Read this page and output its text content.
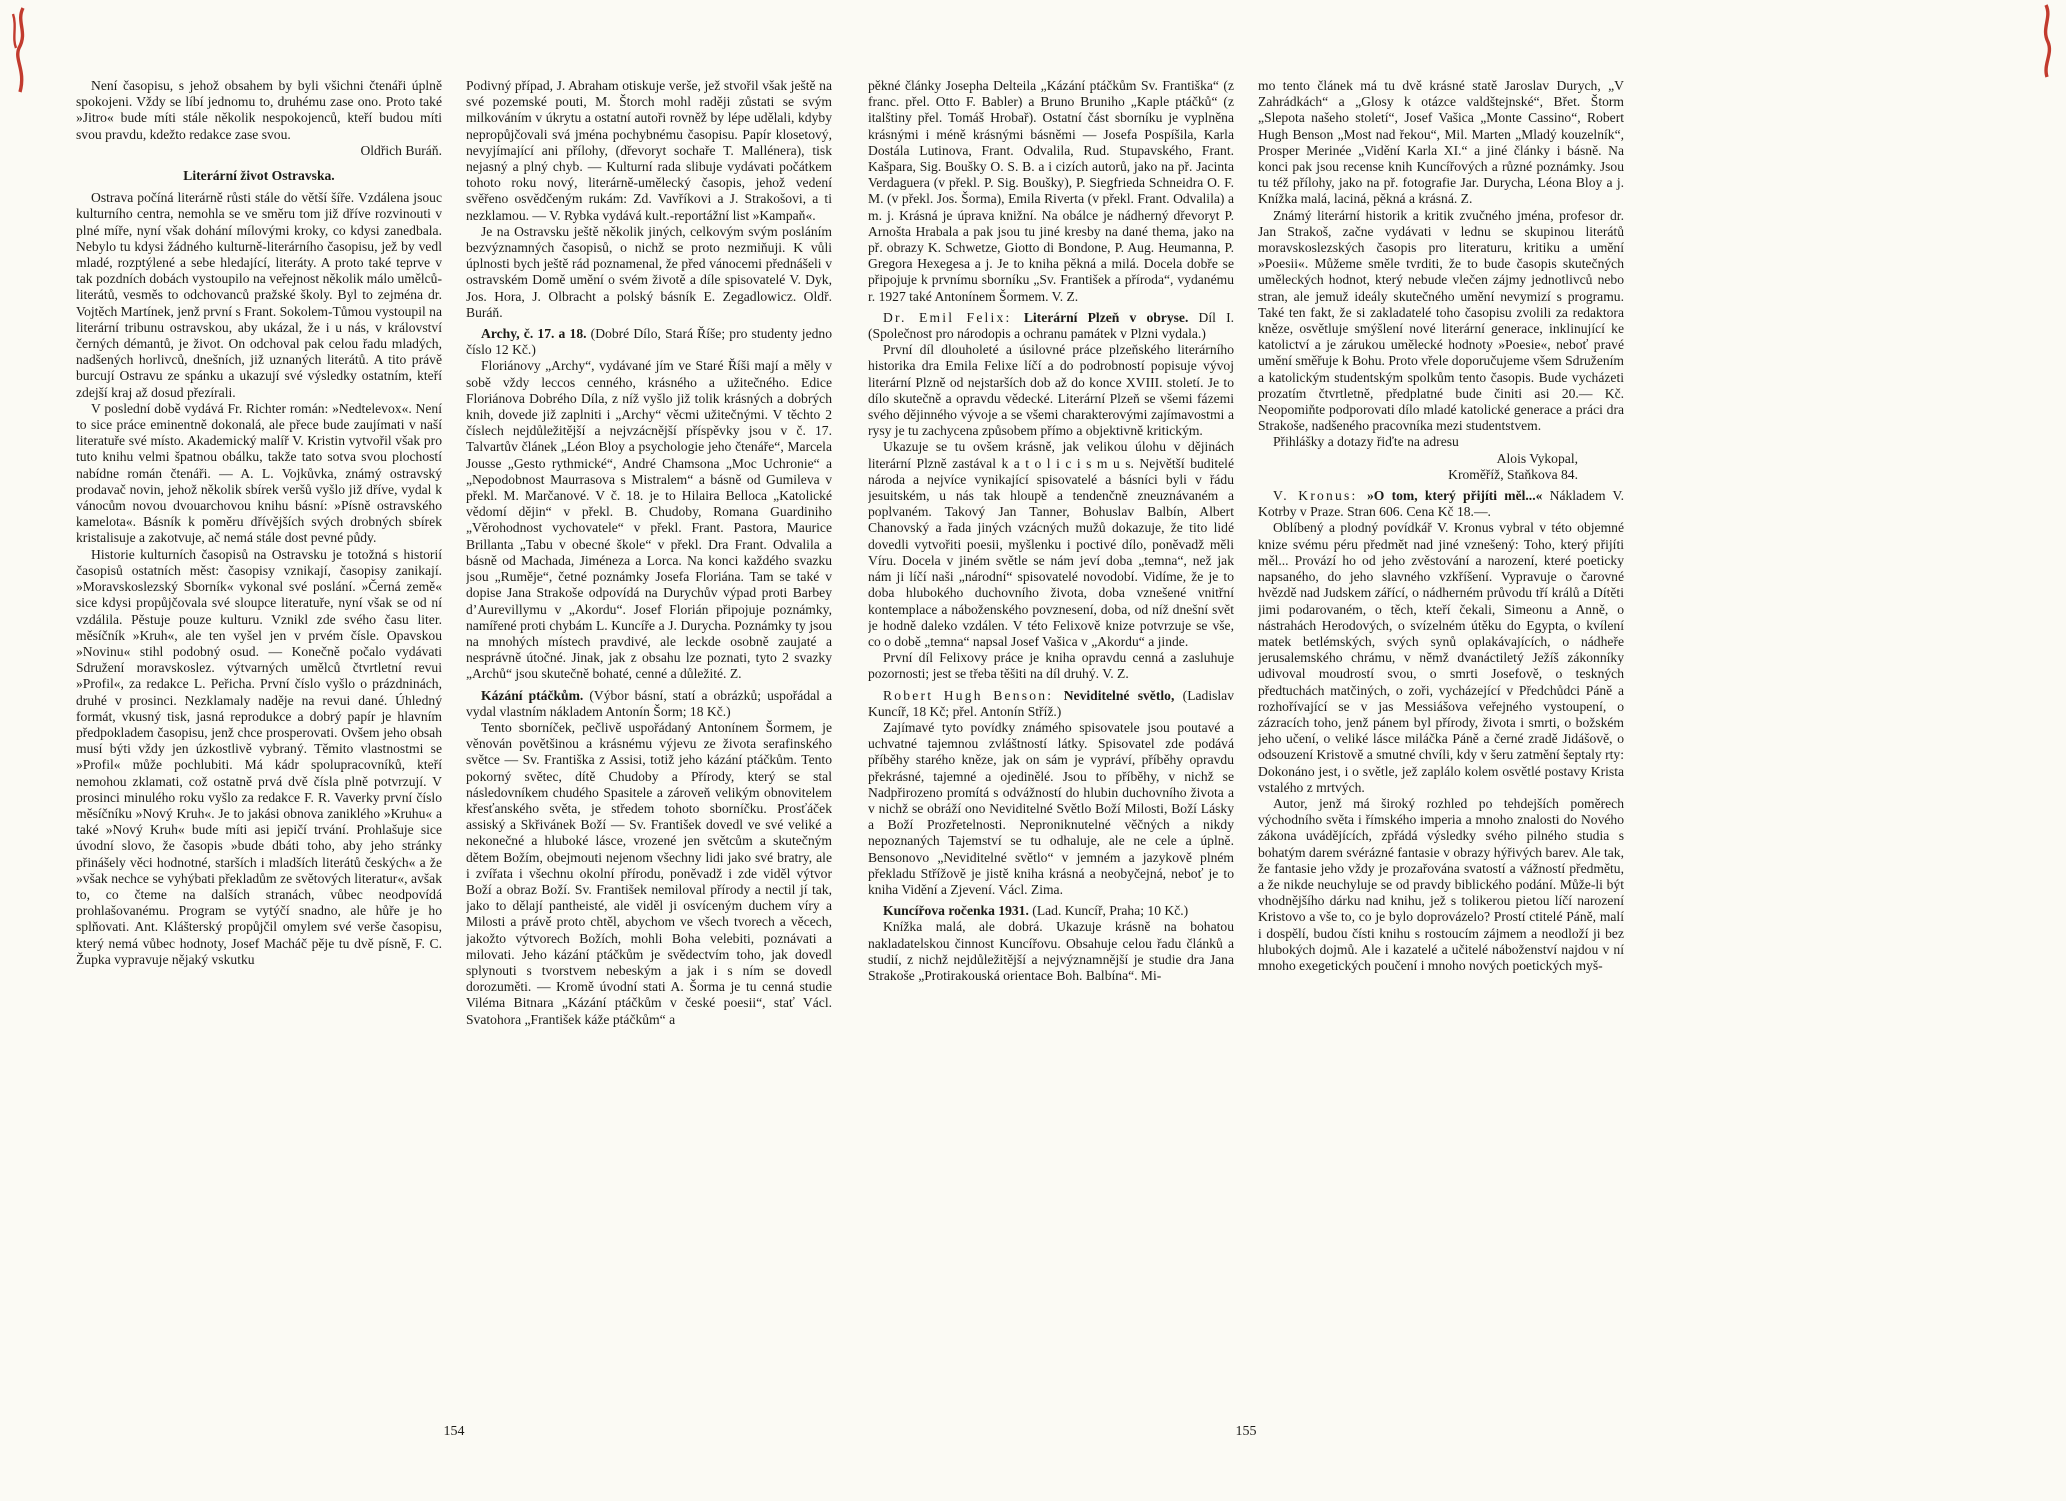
Není časopisu, s jehož obsahem by byli všichni čtenáři úplně spokojeni. Vždy se líbí jednomu to, druhému zase ono. Proto také »Jitro« bude míti stále několik nespokojenců, kteří budou míti svou pravdu, kdežto redakce zase svou.

Oldřich Buráň.

Literární život Ostravska.

Ostrava počíná literárně růsti stále do větší šíře. Vzdálena jsouc kulturního centra, nemohla se ve směru tom již dříve rozvinouti v plné míře, nyní však dohání mílovými kroky, co kdysi zanedbala. Nebylo tu kdysi žádného kulturně-literárního časopisu, jež by vedl mladé, rozptýlené a sebe hledající, literáty. A proto také teprve v tak pozdních dobách vystoupilo na veřejnost několik málo umělců-literátů, vesměs to odchovanců pražské školy. Byl to zejména dr. Vojtěch Martínek, jenž první s Frant. Sokolem-Tůmou vystoupil na literární tribunu ostravskou, aby ukázal, že i u nás, v království černých démantů, je život. On odchoval pak celou řadu mladých, nadšených horlivců, dnešních, již uznaných literátů. A tito právě burcují Ostravu ze spánku a ukazují své výsledky ostatním, kteří zdejší kraj až dosud přezírali.

V poslední době vydává Fr. Richter román: »Nedtelevox«. Není to sice práce eminentně dokonalá, ale přece bude zaujímati v naší literatuře své místo. Akademický malíř V. Kristin vytvořil však pro tuto knihu velmi špatnou obálku, takže tato sotva svou plochostí nabídne román čtenáři. — A. L. Vojkůvka, známý ostravský prodavač novin, jehož několik sbírek veršů vyšlo již dříve, vydal k vánocům novou dvouarchovou knihu básní: »Písně ostravského kamelota«. Básník k poměru dřívějších svých drobných sbírek kristalisuje a zakotvuje, ač nemá stále dost pevné půdy.

Historie kulturních časopisů na Ostravsku je totožná s historií časopisů ostatních měst: časopisy vznikají, časopisy zanikají. »Moravskoslezský Sborník« vykonal své poslání. »Černá země« sice kdysi propůjčovala své sloupce literatuře, nyní však se od ní vzdálila. Pěstuje pouze kulturu. Vznikl zde svého času liter. měsíčník »Kruh«, ale ten vyšel jen v prvém čísle. Opavskou »Novinu« stihl podobný osud. — Konečně počalo vydávati Sdružení moravskoslez. výtvarných umělců čtvrtletní revui »Profil«, za redakce L. Peřicha. První číslo vyšlo o prázdninách, druhé v prosinci. Nezklamaly naděje na revui dané. Úhledný formát, vkusný tisk, jasná reprodukce a dobrý papír je hlavním předpokladem časopisu, jenž chce prosperovati. Ovšem jeho obsah musí býti vždy jen úzkostlivě vybraný. Těmito vlastnostmi se »Profil« může pochlubiti. Má kádr spolupracovníků, kteří nemohou zklamati, což ostatně prvá dvě čísla plně potvrzují. V prosinci minulého roku vyšlo za redakce F. R. Vaverky první číslo měsíčníku »Nový Kruh«. Je to jakási obnova zaniklého »Kruhu« a také »Nový Kruh« bude míti asi jepičí trvání. Prohlašuje sice úvodní slovo, že časopis »bude dbáti toho, aby jeho stránky přinášely věci hodnotné, starších i mladších literátů českých« a že »však nechce se vyhýbati překladům ze světových literatur«, avšak to, co čteme na dalších stranách, vůbec neodpovídá prohlašovanému. Program se vytýčí snadno, ale hůře je ho splňovati. Ant. Klášterský propůjčil omylem své verše časopisu, který nemá vůbec hodnoty, Josef Macháč pěje tu dvě písně, F. C. Župka vypravuje nějaký vskutku

Podivný případ, J. Abraham otiskuje verše, jež stvořil však ještě na své pozemské pouti, M. Štorch mohl raději zůstati se svým milkováním v úkrytu a ostatní autoři rovněž by lépe udělali, kdyby nepropůjčovali svá jména pochybnému časopisu. Papír klosetový, nevyjímající ani přílohy, (dřevoryt sochaře T. Mallénera), tisk nejasný a plný chyb. — Kulturní rada slibuje vydávati počátkem tohoto roku nový, literárně-umělecký časopis, jehož vedení svěřeno osvědčeným rukám: Zd. Vavříkovi a J. Strakošovi, a ti nezklamou. — V. Rybka vydává kult.-reportážní list »Kampaň«.

Je na Ostravsku ještě několik jiných, celkovým svým posláním bezvýznamných časopisů, o nichž se proto nezmiňuji. K vůli úplnosti bych ještě rád poznamenal, že před vánocemi přednášeli v ostravském Domě umění o svém životě a díle spisovatelé V. Dyk, Jos. Hora, J. Olbracht a polský básník E. Zegadlowicz. Oldř. Buráň.

Archy, č. 17. a 18. (Dobré Dílo, Stará Říše; pro studenty jedno číslo 12 Kč.)

Floriánovy „Archy“, vydávané jím ve Staré Říši mají a měly v sobě vždy leccos cenného, krásného a užitečného. Edice Floriánova Dobrého Díla, z níž vyšlo již tolik krásných a dobrých knih, dovede již zaplniti i „Archy“ věcmi užitečnými. V těchto 2 číslech nejdůležitější a nejvzácnější příspěvky jsou v č. 17. Talvartův článek „Léon Bloy a psychologie jeho čtenáře“, Marcela Jousse „Gesto rythmické“, André Chamsona „Moc Uchronie“ a „Nepodobnost Maurrasova s Mistralem“ a básně od Gumileva v překl. M. Marčanové. V č. 18. je to Hilaira Belloca „Katolické vědomí dějin“ v překl. B. Chudoby, Romana Guardiniho „Věrohodnost vychovatele“ v překl. Frant. Pastora, Maurice Brillanta „Tabu v obecné škole“ v překl. Dra Frant. Odvalila a básně od Machada, Jiméneza a Lorca. Na konci každého svazku jsou „Ruměje“, četné poznámky Josefa Floriána. Tam se také v dopise Jana Strakoše odpovídá na Durychův výpad proti Barbey d’Aurevillymu v „Akordu“. Josef Florián připojuje poznámky, namířené proti chybám L. Kuncíře a J. Durycha. Poznámky ty jsou na mnohých místech pravdivé, ale leckde osobně zaujaté a nesprávně útočné. Jinak, jak z obsahu lze poznati, tyto 2 svazky „Archů“ jsou skutečně bohaté, cenné a důležité. Z.

Kázání ptáčkům. (Výbor básní, statí a obrázků; uspořádal a vydal vlastním nákladem Antonín Šorm; 18 Kč.)

Tento sborníček, pečlivě uspořádaný Antonínem Šormem, je věnován povětšinou a krásnému výjevu ze života serafinského světce — Sv. Františka z Assisi, totiž jeho kázání ptáčkům. Tento pokorný světec, dítě Chudoby a Přírody, který se stal následovníkem chudého Spasitele a zároveň velikým obnovitelem křesťanského světa, je středem tohoto sborníčku. Prosťáček assiský a Skřivánek Boží — Sv. František dovedl ve své veliké a nekonečné a hluboké lásce, vrozené jen světcům a skutečným dětem Božím, obejmouti nejenom všechny lidi jako své bratry, ale i zvířata i všechnu okolní přírodu, poněvadž i zde viděl výtvor Boží a obraz Boží. Sv. František nemiloval přírody a nectil jí tak, jako to dělají pantheisté, ale viděl ji osvíceným duchem víry a Milosti a právě proto chtěl, abychom ve všech tvorech a věcech, jakožto výtvorech Božích, mohli Boha velebiti, poznávati a milovati. Jeho kázání ptáčkům je svědectvím toho, jak dovedl splynouti s tvorstvem nebeským a jak i s ním se dovedl dorozuměti. — Kromě úvodní stati A. Šorma je tu cenná studie Viléma Bitnara „Kázání ptáčkům v české poesii“, stať Václ. Svatohora „František káže ptáčkům“ a

pěkné články Josepha Delteila „Kázání ptáčkům Sv. Františka“ (z franc. přel. Otto F. Babler) a Bruno Bruniho „Kaple ptáčků“ (z italštiny přel. Tomáš Hrobař). Ostatní část sborníku je vyplněna krásnými i méně krásnými básněmi — Josefa Pospíšila, Karla Dostála Lutinova, Frant. Odvalila, Rud. Stupavského, Frant. Kašpara, Sig. Boušky O. S. B. a i cizích autorů, jako na př. Jacinta Verdaguera (v překl. P. Sig. Boušky), P. Siegfrieda Schneidra O. F. M. (v překl. Jos. Šorma), Emila Riverta (v překl. Frant. Odvalila) a m. j. Krásná je úprava knižní. Na obálce je nádherný dřevoryt P. Arnošta Hrabala a pak jsou tu jiné kresby na dané thema, jako na př. obrazy K. Schwetze, Giotto di Bondone, P. Aug. Heumanna, P. Gregora Hexegesa a j. Je to kniha pěkná a milá. Docela dobře se připojuje k prvnímu sborníku „Sv. František a příroda“, vydanému r. 1927 také Antonínem Šormem. V. Z.

Dr. Emil Felix: Literární Plzeň v obryse. Díl I. (Společnost pro národopis a ochranu památek v Plzni vydala.)

První díl dlouholeté a úsilovné práce plzeňského literárního historika dra Emila Felixe líčí a do podrobností popisuje vývoj literární Plzně od nejstarších dob až do konce XVIII. století. Je to dílo skutečně a opravdu vědecké. Literární Plzeň se všemi fázemi svého dějinného vývoje a se všemi charakterovými zajímavostmi a rysy je tu zachycena způsobem přímo a objektivně kritickým.

Ukazuje se tu ovšem krásně, jak velikou úlohu v dějinách literární Plzně zastával k a t o l i c i s m u s. Největší buditelé národa a nejvíce vynikající spisovatelé a básníci byli v řádu jesuitském, u nás tak hloupě a tendenčně zneuznávaném a poplvaném. Takový Jan Tanner, Bohuslav Balbín, Albert Chanovský a řada jiných vzácných mužů dokazuje, že tito lidé dovedli vytvořiti poesii, myšlenku i poctivé dílo, poněvadž měli Víru. Docela v jiném světle se nám jeví doba „temna“, než jak nám ji líčí naši „národní“ spisovatelé novodobí. Vidíme, že je to doba hlubokého duchovního života, doba vznešené vnitřní kontemplace a náboženského povznesení, doba, od níž dnešní svět je hodně daleko vzdálen. V této Felixově knize potvrzuje se vše, co o době „temna“ napsal Josef Vašica v „Akordu“ a jinde.

První díl Felixovy práce je kniha opravdu cenná a zasluhuje pozornosti; jest se třeba těšiti na díl druhý. V. Z.

Robert Hugh Benson: Neviditelné světlo, (Ladislav Kuncíř, 18 Kč; přel. Antonín Stříž.)

Zajímavé tyto povídky známého spisovatele jsou poutavé a uchvatné tajemnou zvláštností látky. Spisovatel zde podává příběhy starého kněze, jak on sám je vypráví, příběhy opravdu překrásné, tajemné a ojedinělé. Jsou to příběhy, v nichž se Nadpřirozeno promítá s odvážností do hlubin duchovního života a v nichž se obráží ono Neviditelné Světlo Boží Milosti, Boží Lásky a Boží Prozřetelnosti. Neproniknutelné věčných a nikdy nepoznaných Tajemství se tu odhaluje, ale ne cele a úplně. Bensonovo „Neviditelné světlo“ v jemném a jazykově plném překladu Střížově je jistě kniha krásná a neobyčejná, neboť je to kniha Vidění a Zjevení. Václ. Zima.

Kuncířova ročenka 1931. (Lad. Kuncíř, Praha; 10 Kč.)

Knížka malá, ale dobrá. Ukazuje krásně na bohatou nakladatelskou činnost Kuncířovu. Obsahuje celou řadu článků a studií, z nichž nejdůležitější a nejvýznamnější je studie dra Jana Strakoše „Protirakouská orientace Boh. Balbína“. Mi-

mo tento článek má tu dvě krásné statě Jaroslav Durych, „V Zahrádkách“ a „Glosy k otázce valdštejnské“, Břet. Štorm „Slepota našeho století“, Josef Vašica „Monte Cassino“, Robert Hugh Benson „Most nad řekou“, Mil. Marten „Mladý kouzelník“, Prosper Merinée „Vidění Karla XI.“ a jiné články i básně. Na konci pak jsou recense knih Kuncířových a různé poznámky. Jsou tu též přílohy, jako na př. fotografie Jar. Durycha, Léona Bloy a j. Knížka malá, laciná, pěkná a krásná. Z.

Známý literární historik a kritik zvučného jména, profesor dr. Jan Strakoš, začne vydávati v lednu se skupinou literátů moravskoslezských časopis pro literaturu, kritiku a umění »Poesii«. Můžeme směle tvrditi, že to bude časopis skutečných uměleckých hodnot, který nebude vlečen zájmy jednotlivců nebo stran, ale jemuž ideály skutečného umění nevymizí s programu. Také ten fakt, že si zakladatelé toho časopisu zvolili za redaktora kněze, osvětluje smýšlení nové literární generace, inklinující ke katolictví a je zárukou umělecké hodnoty »Poesie«, neboť pravé umění směřuje k Bohu. Proto vřele doporučujeme všem Sdružením a katolickým studentským spolkům tento časopis. Bude vycházeti prozatím čtvrtletně, předplatné bude činiti asi 20.— Kč. Neopomiňte podporovati dílo mladé katolické generace a práci dra Strakoše, nadšeného pracovníka mezi studentstvem.

Přihlášky a dotazy řiďte na adresu

Alois Vykopal,

Kroměříž, Staňkova 84.

V. Kronus: »O tom, který přijíti měl...« Nákladem V. Kotrby v Praze. Stran 606. Cena Kč 18.—.

Oblíbený a plodný povídkář V. Kronus vybral v této objemné knize svému péru předmět nad jiné vznešený: Toho, který přijíti měl... Provází ho od jeho zvěstování a narození, které poeticky napsaného, do jeho slavného vzkříšení. Vypravuje o čarovné hvězdě nad Judskem zářící, o nádherném průvodu tří králů a Dítěti jimi podarovaném, o těch, kteří čekali, Simeonu a Anně, o nástrahách Herodových, o svízelném útěku do Egypta, o kvílení matek betlémských, svých synů oplakávajících, o nádheře jerusalemského chrámu, v němž dvanáctiletý Ježíš zákonníky udivoval moudrostí svou, o smrti Josefově, o teskných předtuchách matčiných, o zoři, vycházející v Předchůdci Páně a rozhořívající se v jas Messiášova veřejného vystoupení, o zázracích toho, jenž pánem byl přírody, života i smrti, o božském jeho učení, o veliké lásce miláčka Páně a černé zradě Jidášově, o odsouzení Kristově a smutné chvíli, kdy v šeru zatmění šeptaly rty: Dokonáno jest, i o světle, jež zaplálo kolem osvětlé postavy Krista vstalého z mrtvých.

Autor, jenž má široký rozhled po tehdejších poměrech východního světa i římského imperia a mnoho znalosti do Nového zákona uvádějících, zpřádá výsledky svého pilného studia s bohatým darem svérázné fantasie v obrazy hýřivých barev. Ale tak, že fantasie jeho vždy je prozařována svatostí a vážností předmětu, a že nikde neuchyluje se od pravdy biblického podání. Může-li být vhodnějšího dárku nad knihu, jež s tolikerou pietou líčí narození Kristovo a vše to, co je bylo doprovázelo? Prostí ctitelé Páně, malí i dospělí, budou čísti knihu s rostoucím zájmem a neodloží ji bez hlubokých dojmů. Ale i kazatelé a učitelé náboženství najdou v ní mnoho exegetických poučení i mnoho nových poetických myš-

154	155
